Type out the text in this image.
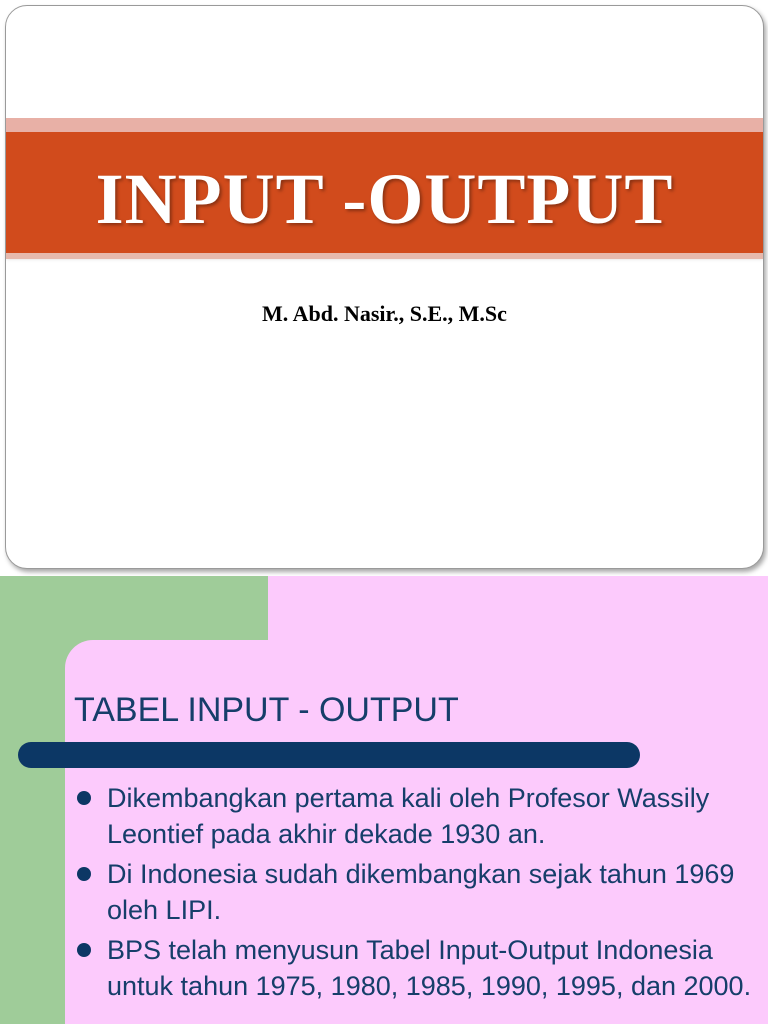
INPUT -OUTPUT

M. Abd. Nasir., S.E., M.Sc

TABEL INPUT - OUTPUT
Dikembangkan pertama kali oleh Profesor Wassily Leontief pada akhir dekade 1930 an.
Di Indonesia sudah dikembangkan sejak tahun 1969 oleh LIPI.
BPS telah menyusun Tabel Input-Output Indonesia untuk tahun 1975, 1980, 1985, 1990, 1995, dan 2000.
